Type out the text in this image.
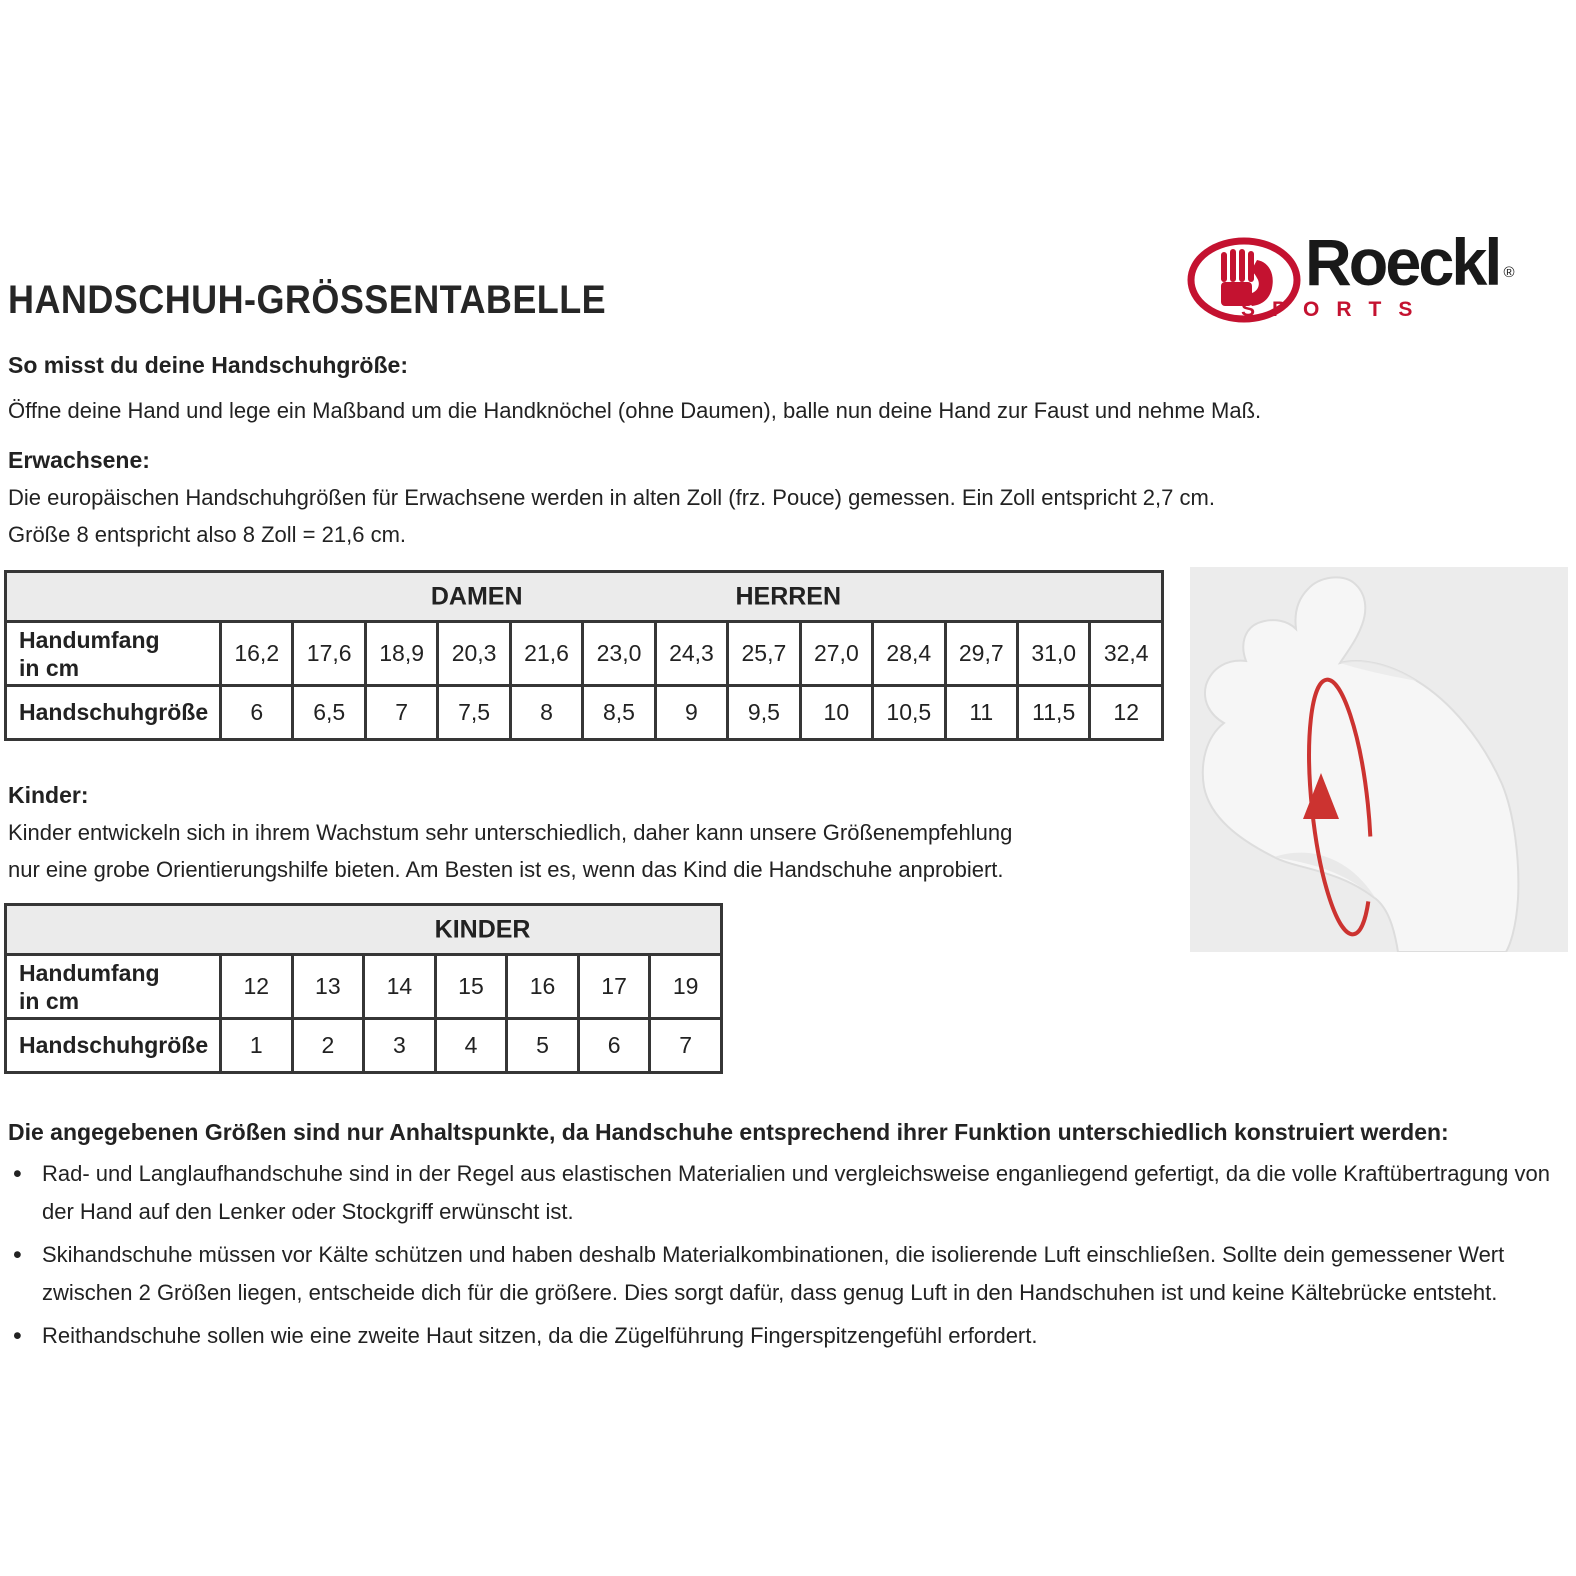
HANDSCHUH-GRÖSSENTABELLE
Roeckl ®
SPORTS
So misst du deine Handschuhgröße:
Öffne deine Hand und lege ein Maßband um die Handknöchel (ohne Daumen), balle nun deine Hand zur Faust und nehme Maß.
Erwachsene:
Die europäischen Handschuhgrößen für Erwachsene werden in alten Zoll (frz. Pouce) gemessen. Ein Zoll entspricht 2,7 cm.
Größe 8 entspricht also 8 Zoll = 21,6 cm.
DAMEN HERREN													

Handumfang
in cm	16,2	17,6	18,9	20,3	21,6	23,0	24,3	25,7	27,0	28,4	29,7	31,0	32,4
Handschuhgröße	6	6,5	7	7,5	8	8,5	9	9,5	10	10,5	11	11,5	12
Kinder:
Kinder entwickeln sich in ihrem Wachstum sehr unterschiedlich, daher kann unsere Größenempfehlung
nur eine grobe Orientierungshilfe bieten. Am Besten ist es, wenn das Kind die Handschuhe anprobiert.
KINDER							

Handumfang
in cm	12	13	14	15	16	17	19
Handschuhgröße	1	2	3	4	5	6	7
Die angegebenen Größen sind nur Anhaltspunkte, da Handschuhe entsprechend ihrer Funktion unterschiedlich konstruiert werden:
• Rad- und Langlaufhandschuhe sind in der Regel aus elastischen Materialien und vergleichsweise enganliegend gefertigt, da die volle Kraftübertragung von der Hand auf den Lenker oder Stockgriff erwünscht ist.
• Skihandschuhe müssen vor Kälte schützen und haben deshalb Materialkombinationen, die isolierende Luft einschließen. Sollte dein gemessener Wert zwischen 2 Größen liegen, entscheide dich für die größere. Dies sorgt dafür, dass genug Luft in den Handschuhen ist und keine Kältebrücke entsteht.
• Reithandschuhe sollen wie eine zweite Haut sitzen, da die Zügelführung Fingerspitzengefühl erfordert.
